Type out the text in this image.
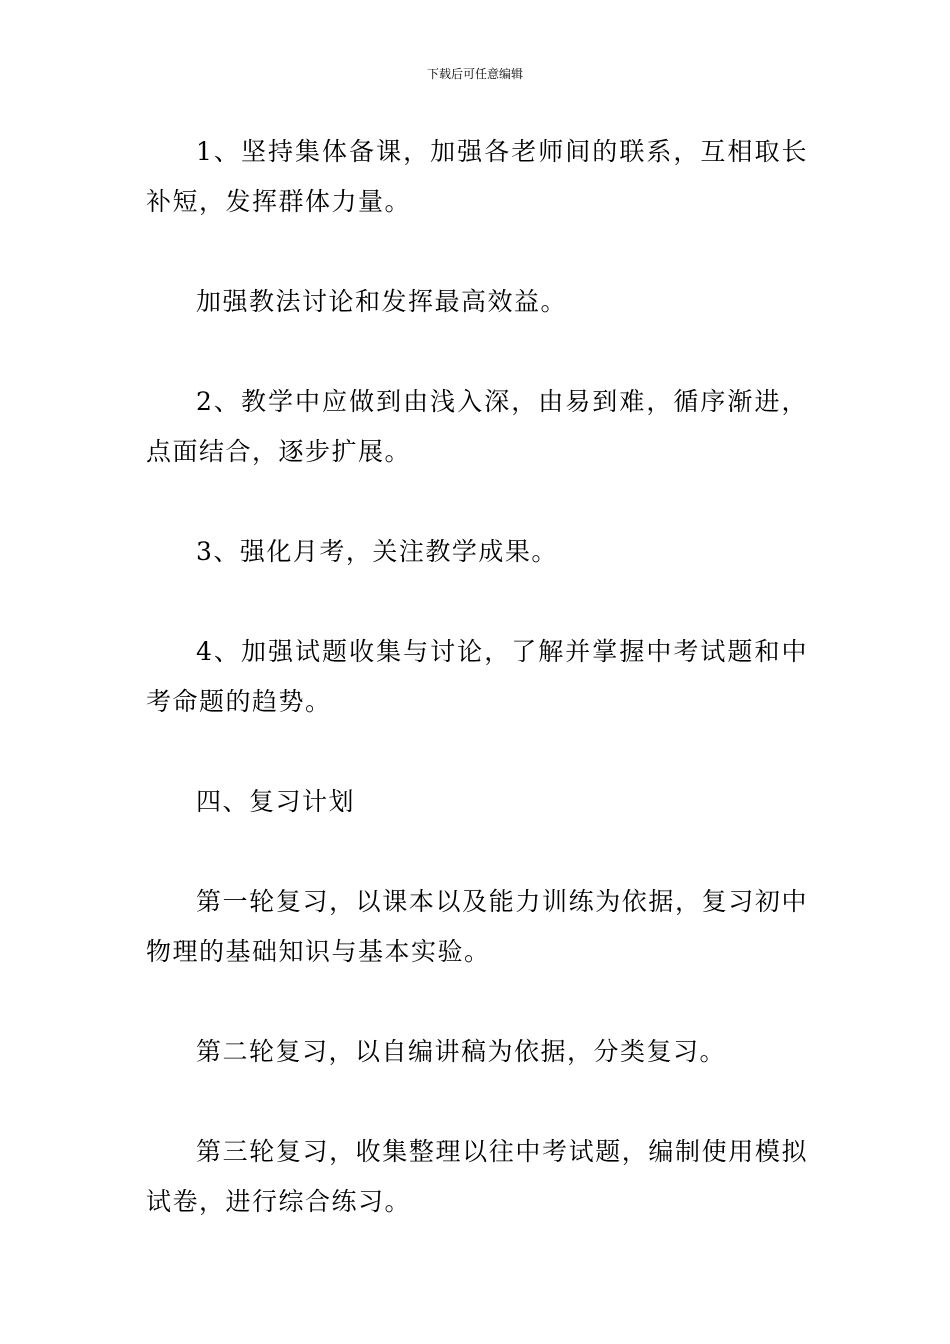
下载后可任意编辑

1、坚持集体备课，加强各老师间的联系，互相取长补短，发挥群体力量。

加强教法讨论和发挥最高效益。

2、教学中应做到由浅入深，由易到难，循序渐进，点面结合，逐步扩展。

3、强化月考，关注教学成果。

4、加强试题收集与讨论，了解并掌握中考试题和中考命题的趋势。

四、复习计划

第一轮复习，以课本以及能力训练为依据，复习初中物理的基础知识与基本实验。

第二轮复习，以自编讲稿为依据，分类复习。

第三轮复习，收集整理以往中考试题，编制使用模拟试卷，进行综合练习。
